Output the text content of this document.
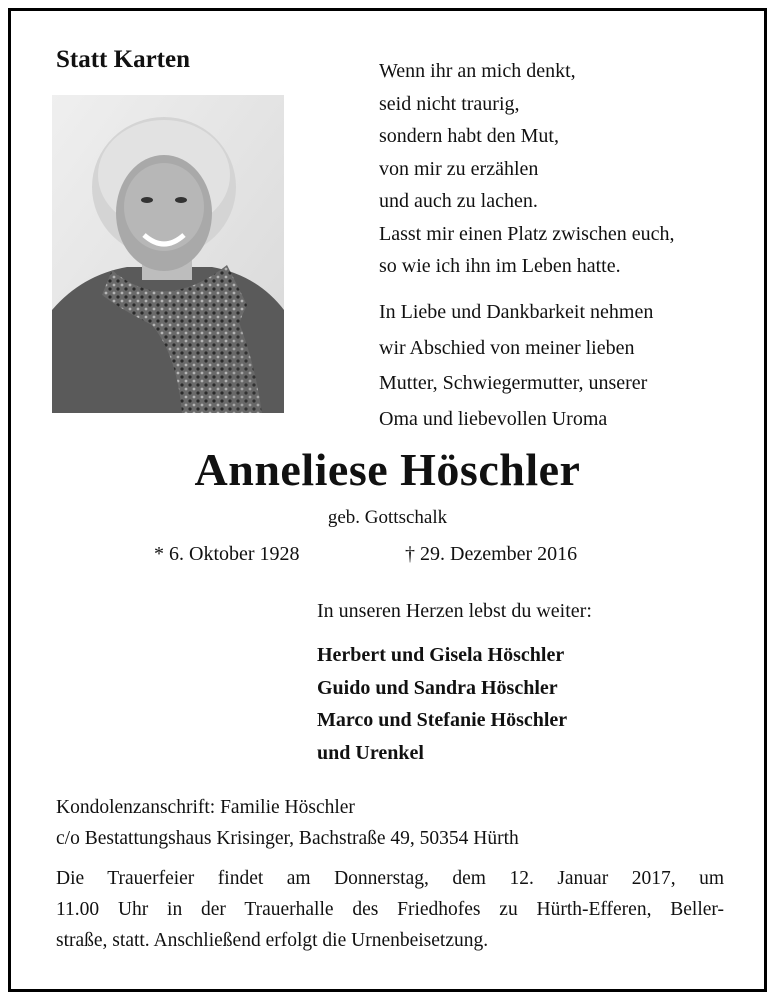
Statt Karten	Wenn ihr an mich denkt,
seid nicht traurig,
sondern habt den Mut,
von mir zu erzählen
und auch zu lachen.
Lasst mir einen Platz zwischen euch,
so wie ich ihn im Leben hatte.
In Liebe und Dankbarkeit nehmen
wir Abschied von meiner lieben
Mutter, Schwiegermutter, unserer
Oma und liebevollen Uroma
Anneliese Höschler
geb. Gottschalk
* 6. Oktober 1928	† 29. Dezember 2016
In unseren Herzen lebst du weiter:
Herbert und Gisela Höschler
Guido und Sandra Höschler
Marco und Stefanie Höschler
und Urenkel
Kondolenzanschrift: Familie Höschler
c/o Bestattungshaus Krisinger, Bachstraße 49, 50354 Hürth
Die Trauerfeier findet am Donnerstag, dem 12. Januar 2017, um
11.00 Uhr in der Trauerhalle des Friedhofes zu Hürth-Efferen, Beller-
straße, statt. Anschließend erfolgt die Urnenbeisetzung.
